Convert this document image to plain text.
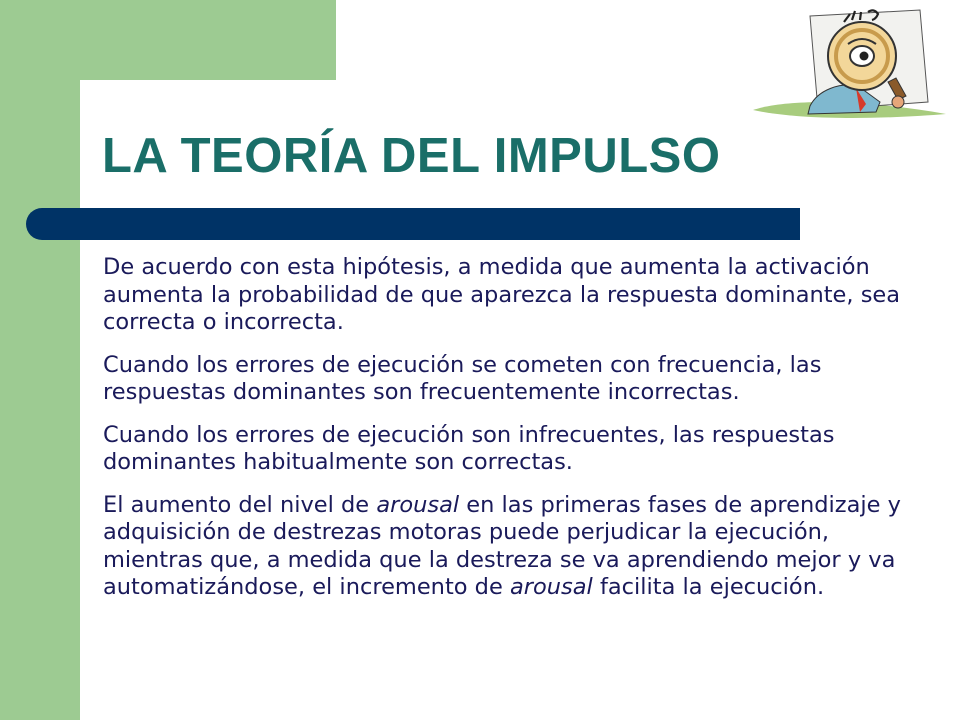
LA TEORÍA DEL IMPULSO
De acuerdo con esta hipótesis, a medida que aumenta la activación aumenta la probabilidad de que aparezca la respuesta dominante, sea correcta o incorrecta.
Cuando los errores de ejecución se cometen con frecuencia, las respuestas dominantes son frecuentemente incorrectas.
Cuando los errores de ejecución son infrecuentes, las respuestas dominantes habitualmente son correctas.
El aumento del nivel de arousal en las primeras fases de aprendizaje y adquisición de destrezas motoras puede perjudicar la ejecución, mientras que, a medida que la destreza se va aprendiendo mejor y va automatizándose, el incremento de arousal facilita la ejecución.
